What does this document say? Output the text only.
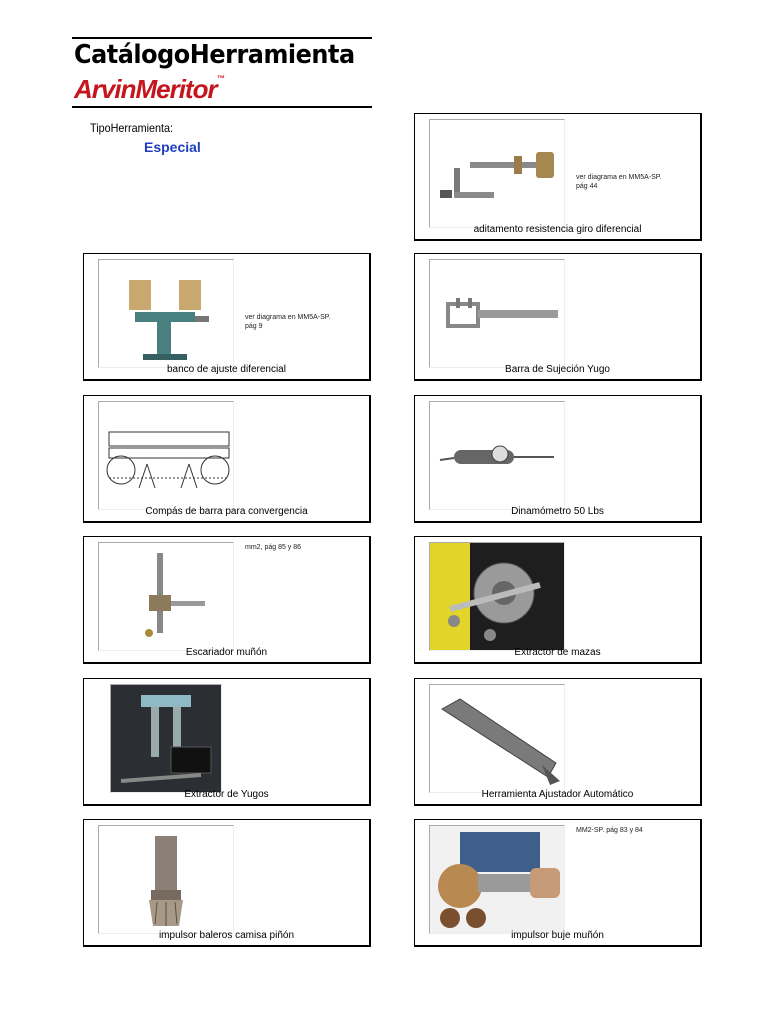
CatálogoHerramienta
ArvinMeritor™
TipoHerramienta:
Especial
ver diagrama en MM5A-SP.
pág 44
aditamento resistencia giro diferencial
ver diagrama en MM5A-SP.
pág 9
banco de ajuste diferencial	Barra de Sujeción Yugo
Compás de barra para convergencia	Dinamómetro 50 Lbs
mm2, pág 85 y 86
Escariador muñón	Extractor de mazas
Extractor de Yugos	Herramienta Ajustador Automático
impulsor baleros camisa piñón
MM2-SP. pág 83 y 84
impulsor buje muñón
